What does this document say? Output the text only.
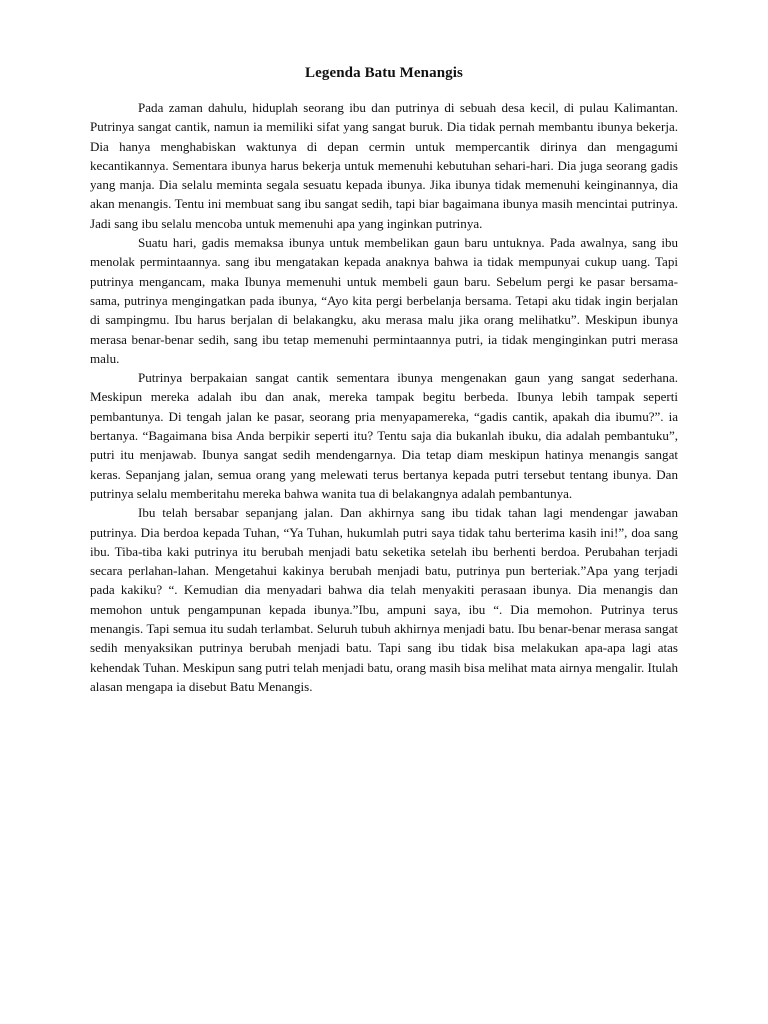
Legenda Batu Menangis

Pada zaman dahulu, hiduplah seorang ibu dan putrinya di sebuah desa kecil, di pulau Kalimantan. Putrinya sangat cantik, namun ia memiliki sifat yang sangat buruk. Dia tidak pernah membantu ibunya bekerja. Dia hanya menghabiskan waktunya di depan cermin untuk mempercantik dirinya dan mengagumi kecantikannya. Sementara ibunya harus bekerja untuk memenuhi kebutuhan sehari-hari. Dia juga seorang gadis yang manja. Dia selalu meminta segala sesuatu kepada ibunya. Jika ibunya tidak memenuhi keinginannya, dia akan menangis. Tentu ini membuat sang ibu sangat sedih, tapi biar bagaimana ibunya masih mencintai putrinya. Jadi sang ibu selalu mencoba untuk memenuhi apa yang inginkan putrinya.

Suatu hari, gadis memaksa ibunya untuk membelikan gaun baru untuknya. Pada awalnya, sang ibu menolak permintaannya. sang ibu mengatakan kepada anaknya bahwa ia tidak mempunyai cukup uang. Tapi putrinya mengancam, maka Ibunya memenuhi untuk membeli gaun baru. Sebelum pergi ke pasar bersama-sama, putrinya mengingatkan pada ibunya, “Ayo kita pergi berbelanja bersama. Tetapi aku tidak ingin berjalan di sampingmu. Ibu harus berjalan di belakangku, aku merasa malu jika orang melihatku”. Meskipun ibunya merasa benar-benar sedih, sang ibu tetap memenuhi permintaannya putri, ia tidak menginginkan putri merasa malu.

Putrinya berpakaian sangat cantik sementara ibunya mengenakan gaun yang sangat sederhana. Meskipun mereka adalah ibu dan anak, mereka tampak begitu berbeda. Ibunya lebih tampak seperti pembantunya. Di tengah jalan ke pasar, seorang pria menyapamereka, “gadis cantik, apakah dia ibumu?”. ia bertanya. “Bagaimana bisa Anda berpikir seperti itu? Tentu saja dia bukanlah ibuku, dia adalah pembantuku”, putri itu menjawab. Ibunya sangat sedih mendengarnya. Dia tetap diam meskipun hatinya menangis sangat keras. Sepanjang jalan, semua orang yang melewati terus bertanya kepada putri tersebut tentang ibunya. Dan putrinya selalu memberitahu mereka bahwa wanita tua di belakangnya adalah pembantunya.

Ibu telah bersabar sepanjang jalan. Dan akhirnya sang ibu tidak tahan lagi mendengar jawaban putrinya. Dia berdoa kepada Tuhan, “Ya Tuhan, hukumlah putri saya tidak tahu berterima kasih ini!”, doa sang ibu. Tiba-tiba kaki putrinya itu berubah menjadi batu seketika setelah ibu berhenti berdoa. Perubahan terjadi secara perlahan-lahan. Mengetahui kakinya berubah menjadi batu, putrinya pun berteriak.”Apa yang terjadi pada kakiku? “. Kemudian dia menyadari bahwa dia telah menyakiti perasaan ibunya. Dia menangis dan memohon untuk pengampunan kepada ibunya.”Ibu, ampuni saya, ibu “. Dia memohon. Putrinya terus menangis. Tapi semua itu sudah terlambat. Seluruh tubuh akhirnya menjadi batu. Ibu benar-benar merasa sangat sedih menyaksikan putrinya berubah menjadi batu. Tapi sang ibu tidak bisa melakukan apa-apa lagi atas kehendak Tuhan. Meskipun sang putri telah menjadi batu, orang masih bisa melihat mata airnya mengalir. Itulah alasan mengapa ia disebut Batu Menangis.
